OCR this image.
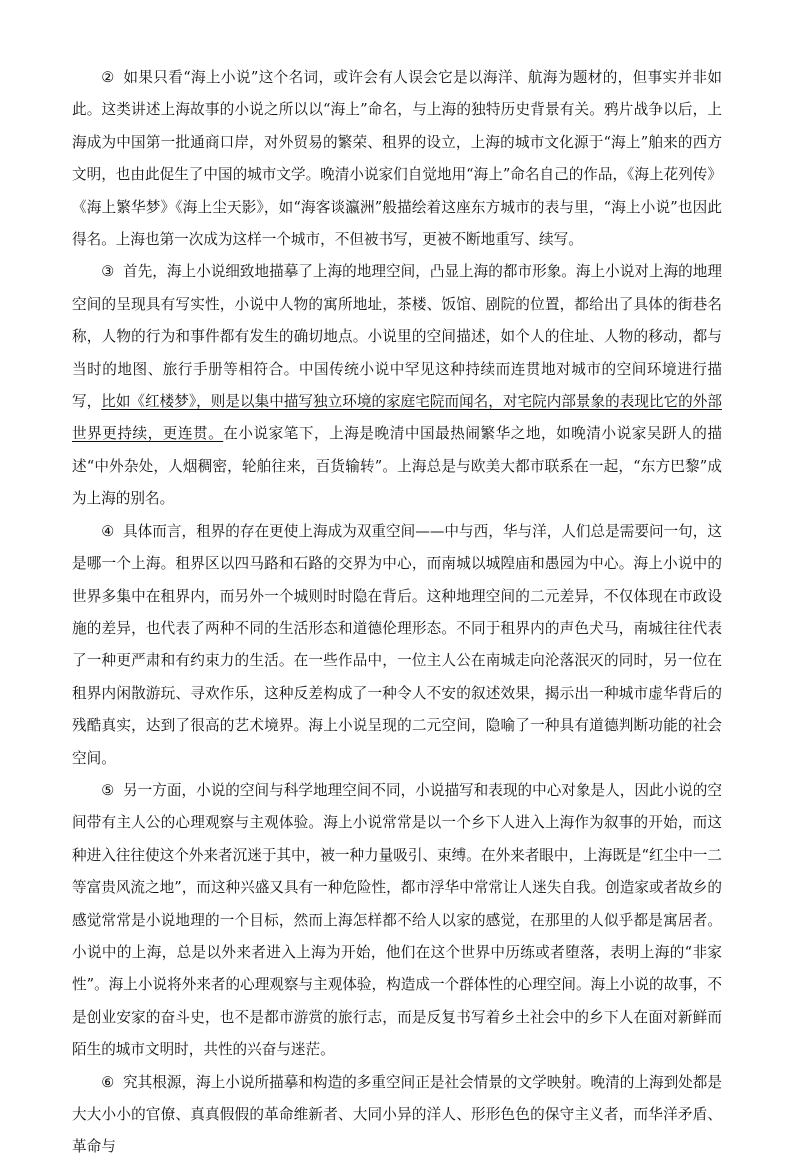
② 如果只看“海上小说”这个名词，或许会有人误会它是以海洋、航海为题材的，但事实并非如此。这类讲述上海故事的小说之所以以“海上”命名，与上海的独特历史背景有关。鸦片战争以后，上海成为中国第一批通商口岸，对外贸易的繁荣、租界的设立，上海的城市文化源于“海上”舶来的西方文明，也由此促生了中国的城市文学。晚清小说家们自觉地用“海上”命名自己的作品，《海上花列传》《海上繁华梦》《海上尘天影》，如“海客谈瀛洲”般描绘着这座东方城市的表与里，“海上小说”也因此得名。上海也第一次成为这样一个城市，不但被书写，更被不断地重写、续写。

③ 首先，海上小说细致地描摹了上海的地理空间，凸显上海的都市形象。海上小说对上海的地理空间的呈现具有写实性，小说中人物的寓所地址，茶楼、饭馆、剧院的位置，都给出了具体的街巷名称，人物的行为和事件都有发生的确切地点。小说里的空间描述，如个人的住址、人物的移动，都与当时的地图、旅行手册等相符合。中国传统小说中罕见这种持续而连贯地对城市的空间环境进行描写，比如《红楼梦》，则是以集中描写独立环境的家庭宅院而闻名，对宅院内部景象的表现比它的外部世界更持续，更连贯。在小说家笔下，上海是晚清中国最热闹繁华之地，如晚清小说家吴趼人的描述“中外杂处，人烟稠密，轮舶往来，百货输转”。上海总是与欧美大都市联系在一起，“东方巴黎”成为上海的别名。

④ 具体而言，租界的存在更使上海成为双重空间——中与西，华与洋，人们总是需要问一句，这是哪一个上海。租界区以四马路和石路的交界为中心，而南城以城隍庙和愚园为中心。海上小说中的世界多集中在租界内，而另外一个城则时时隐在背后。这种地理空间的二元差异，不仅体现在市政设施的差异，也代表了两种不同的生活形态和道德伦理形态。不同于租界内的声色犬马，南城往往代表了一种更严肃和有约束力的生活。在一些作品中，一位主人公在南城走向沦落泯灭的同时，另一位在租界内闲散游玩、寻欢作乐，这种反差构成了一种令人不安的叙述效果，揭示出一种城市虚华背后的残酷真实，达到了很高的艺术境界。海上小说呈现的二元空间，隐喻了一种具有道德判断功能的社会空间。

⑤ 另一方面，小说的空间与科学地理空间不同，小说描写和表现的中心对象是人，因此小说的空间带有主人公的心理观察与主观体验。海上小说常常是以一个乡下人进入上海作为叙事的开始，而这种进入往往使这个外来者沉迷于其中，被一种力量吸引、束缚。在外来者眼中，上海既是“红尘中一二等富贵风流之地”，而这种兴盛又具有一种危险性，都市浮华中常常让人迷失自我。创造家或者故乡的感觉常常是小说地理的一个目标，然而上海怎样都不给人以家的感觉，在那里的人似乎都是寓居者。小说中的上海，总是以外来者进入上海为开始，他们在这个世界中历练或者堕落，表明上海的“非家性”。海上小说将外来者的心理观察与主观体验，构造成一个群体性的心理空间。海上小说的故事，不是创业安家的奋斗史，也不是都市游赏的旅行志，而是反复书写着乡土社会中的乡下人在面对新鲜而陌生的城市文明时，共性的兴奋与迷茫。

⑥ 究其根源，海上小说所描摹和构造的多重空间正是社会情景的文学映射。晚清的上海到处都是大大小小的官僚、真真假假的革命维新者、大同小异的洋人、形形色色的保守主义者，而华洋矛盾、革命与
